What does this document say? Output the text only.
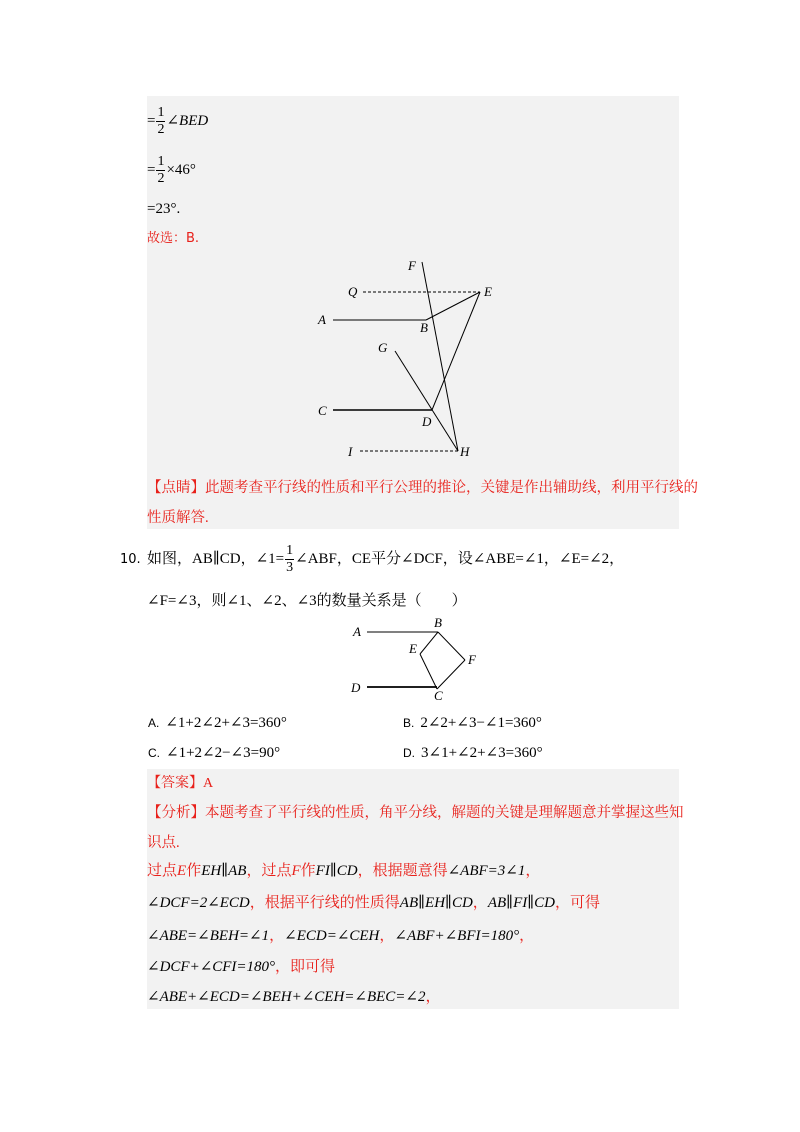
= $\frac{1}{2}$ ∠BED
= $\frac{1}{2} \times 46^\circ$
=23°.
故选：B.
F
Q	E
A
B
G
C
D
I	H
【点睛】此题考查平行线的性质和平行公理的推论，关键是作出辅助线，利用平行线的
性质解答.
10. 如图，AB∥CD，∠1= $\frac{1}{3}$ ∠ABF，CE平分∠DCF，设∠ABE=∠1，∠E=∠2，
∠F=∠3，则∠1、∠2、∠3的数量关系是（　　）
A
B
E
F
D
C
A. ∠1+2∠2+∠3=360°	B. 2∠2+∠3−∠1=360°
C. ∠1+2∠2−∠3=90°	D. 3∠1+∠2+∠3=360°
【答案】A
【分析】本题考查了平行线的性质，角平分线，解题的关键是理解题意并掌握这些知
识点.
过点E作EH∥AB，过点F作FI∥CD，根据题意得∠ABF=3∠1，
∠DCF=2∠ECD，根据平行线的性质得AB∥EH∥CD，AB∥FI∥CD，可得
∠ABE=∠BEH=∠1，∠ECD=∠CEH，∠ABF+∠BFI=180°，
∠DCF+∠CFI=180°，即可得
∠ABE+∠ECD=∠BEH+∠CEH=∠BEC=∠2，
